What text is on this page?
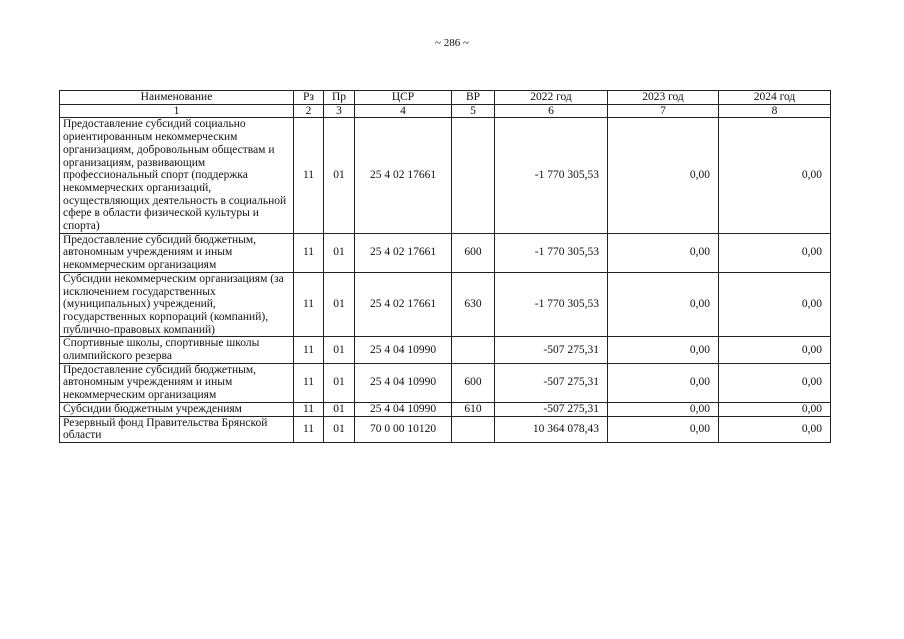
~ 286 ~
Наименование	Рз	Пр	ЦСР	ВР	2022 год	2023 год	2024 год
1	2	3	4	5	6	7	8
Предоставление субсидий социально ориентированным некоммерческим организациям, добровольным обществам и организациям, развивающим профессиональный спорт (поддержка некоммерческих организаций, осуществляющих деятельность в социальной сфере в области физической культуры и спорта)	11	01	25 4 02 17661		-1 770 305,53	0,00	0,00
Предоставление субсидий бюджетным, автономным учреждениям и иным некоммерческим организациям	11	01	25 4 02 17661	600	-1 770 305,53	0,00	0,00
Субсидии некоммерческим организациям (за исключением государственных (муниципальных) учреждений, государственных корпораций (компаний), публично-правовых компаний)	11	01	25 4 02 17661	630	-1 770 305,53	0,00	0,00
Спортивные школы, спортивные школы олимпийского резерва	11	01	25 4 04 10990		-507 275,31	0,00	0,00
Предоставление субсидий бюджетным, автономным учреждениям и иным некоммерческим организациям	11	01	25 4 04 10990	600	-507 275,31	0,00	0,00
Субсидии бюджетным учреждениям	11	01	25 4 04 10990	610	-507 275,31	0,00	0,00
Резервный фонд Правительства Брянской области	11	01	70 0 00 10120		10 364 078,43	0,00	0,00
